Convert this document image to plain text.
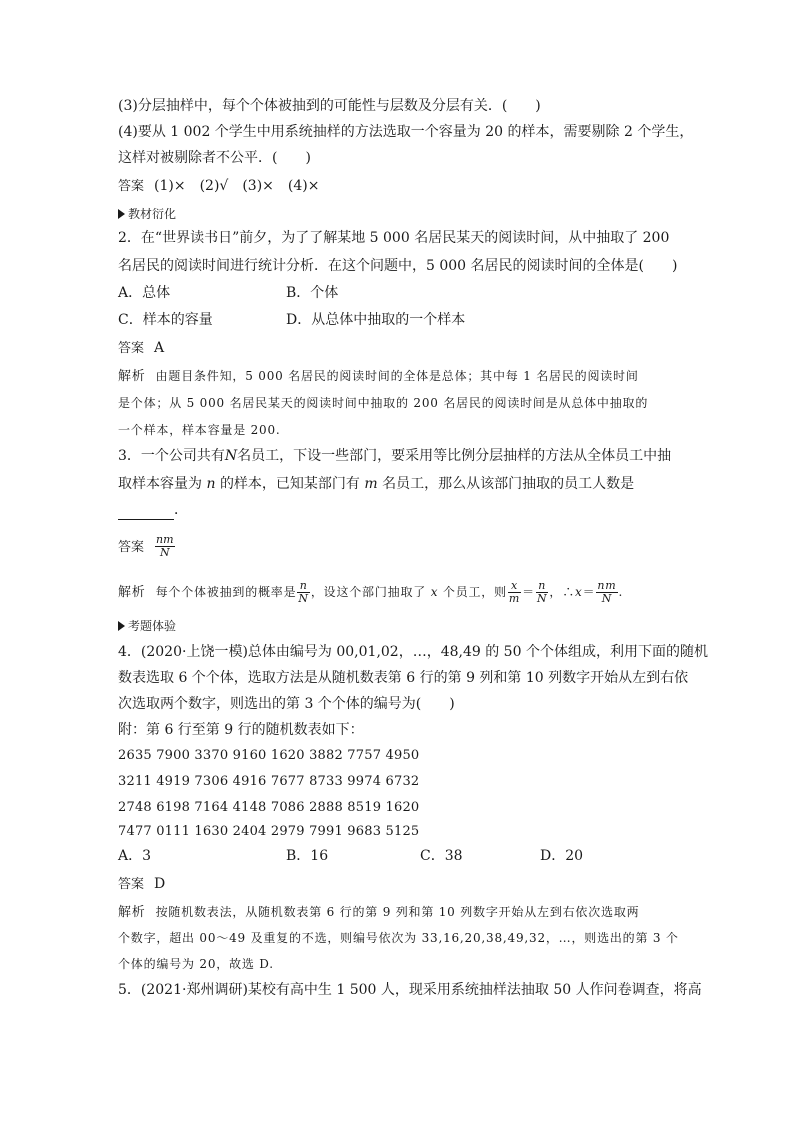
(3)分层抽样中，每个个体被抽到的可能性与层数及分层有关．(　　)
(4)要从 1 002 个学生中用系统抽样的方法选取一个容量为 20 的样本，需要剔除 2 个学生，
这样对被剔除者不公平．(　　)
答案 (1)×　(2)√　(3)×　(4)×
教材衍化
2．在“世界读书日”前夕，为了了解某地 5 000 名居民某天的阅读时间，从中抽取了 200
名居民的阅读时间进行统计分析．在这个问题中，5 000 名居民的阅读时间的全体是(　　)
A．总体	B．个体
C．样本的容量	D．从总体中抽取的一个样本
答案 A
解析 由题目条件知，5 000 名居民的阅读时间的全体是总体；其中每 1 名居民的阅读时间
是个体；从 5 000 名居民某天的阅读时间中抽取的 200 名居民的阅读时间是从总体中抽取的
一个样本，样本容量是 200.
3．一个公司共有N名员工，下设一些部门，要采用等比例分层抽样的方法从全体员工中抽
取样本容量为 n 的样本，已知某部门有 m 名员工，那么从该部门抽取的员工人数是
．
答案 $\frac{nm}{N}$
解析 每个个体被抽到的概率是 $\frac{n}{N}$ ，设这个部门抽取了 x 个员工，则 $\frac{x}{m} = \frac{n}{N}$ ，∴x＝ $\frac{nm}{N}$ .
考题体验
4．(2020·上饶一模)总体由编号为 00,01,02，…，48,49 的 50 个个体组成，利用下面的随机
数表选取 6 个个体，选取方法是从随机数表第 6 行的第 9 列和第 10 列数字开始从左到右依
次选取两个数字，则选出的第 3 个个体的编号为(　　)
附：第 6 行至第 9 行的随机数表如下：
2635 7900 3370 9160 1620 3882 7757 4950
3211 4919 7306 4916 7677 8733 9974 6732
2748 6198 7164 4148 7086 2888 8519 1620
7477 0111 1630 2404 2979 7991 9683 5125
A．3	B．16	C．38	D．20
答案 D
解析 按随机数表法，从随机数表第 6 行的第 9 列和第 10 列数字开始从左到右依次选取两
个数字，超出 00～49 及重复的不选，则编号依次为 33,16,20,38,49,32，…，则选出的第 3 个
个体的编号为 20，故选 D.
5．(2021·郑州调研)某校有高中生 1 500 人，现采用系统抽样法抽取 50 人作问卷调查，将高
